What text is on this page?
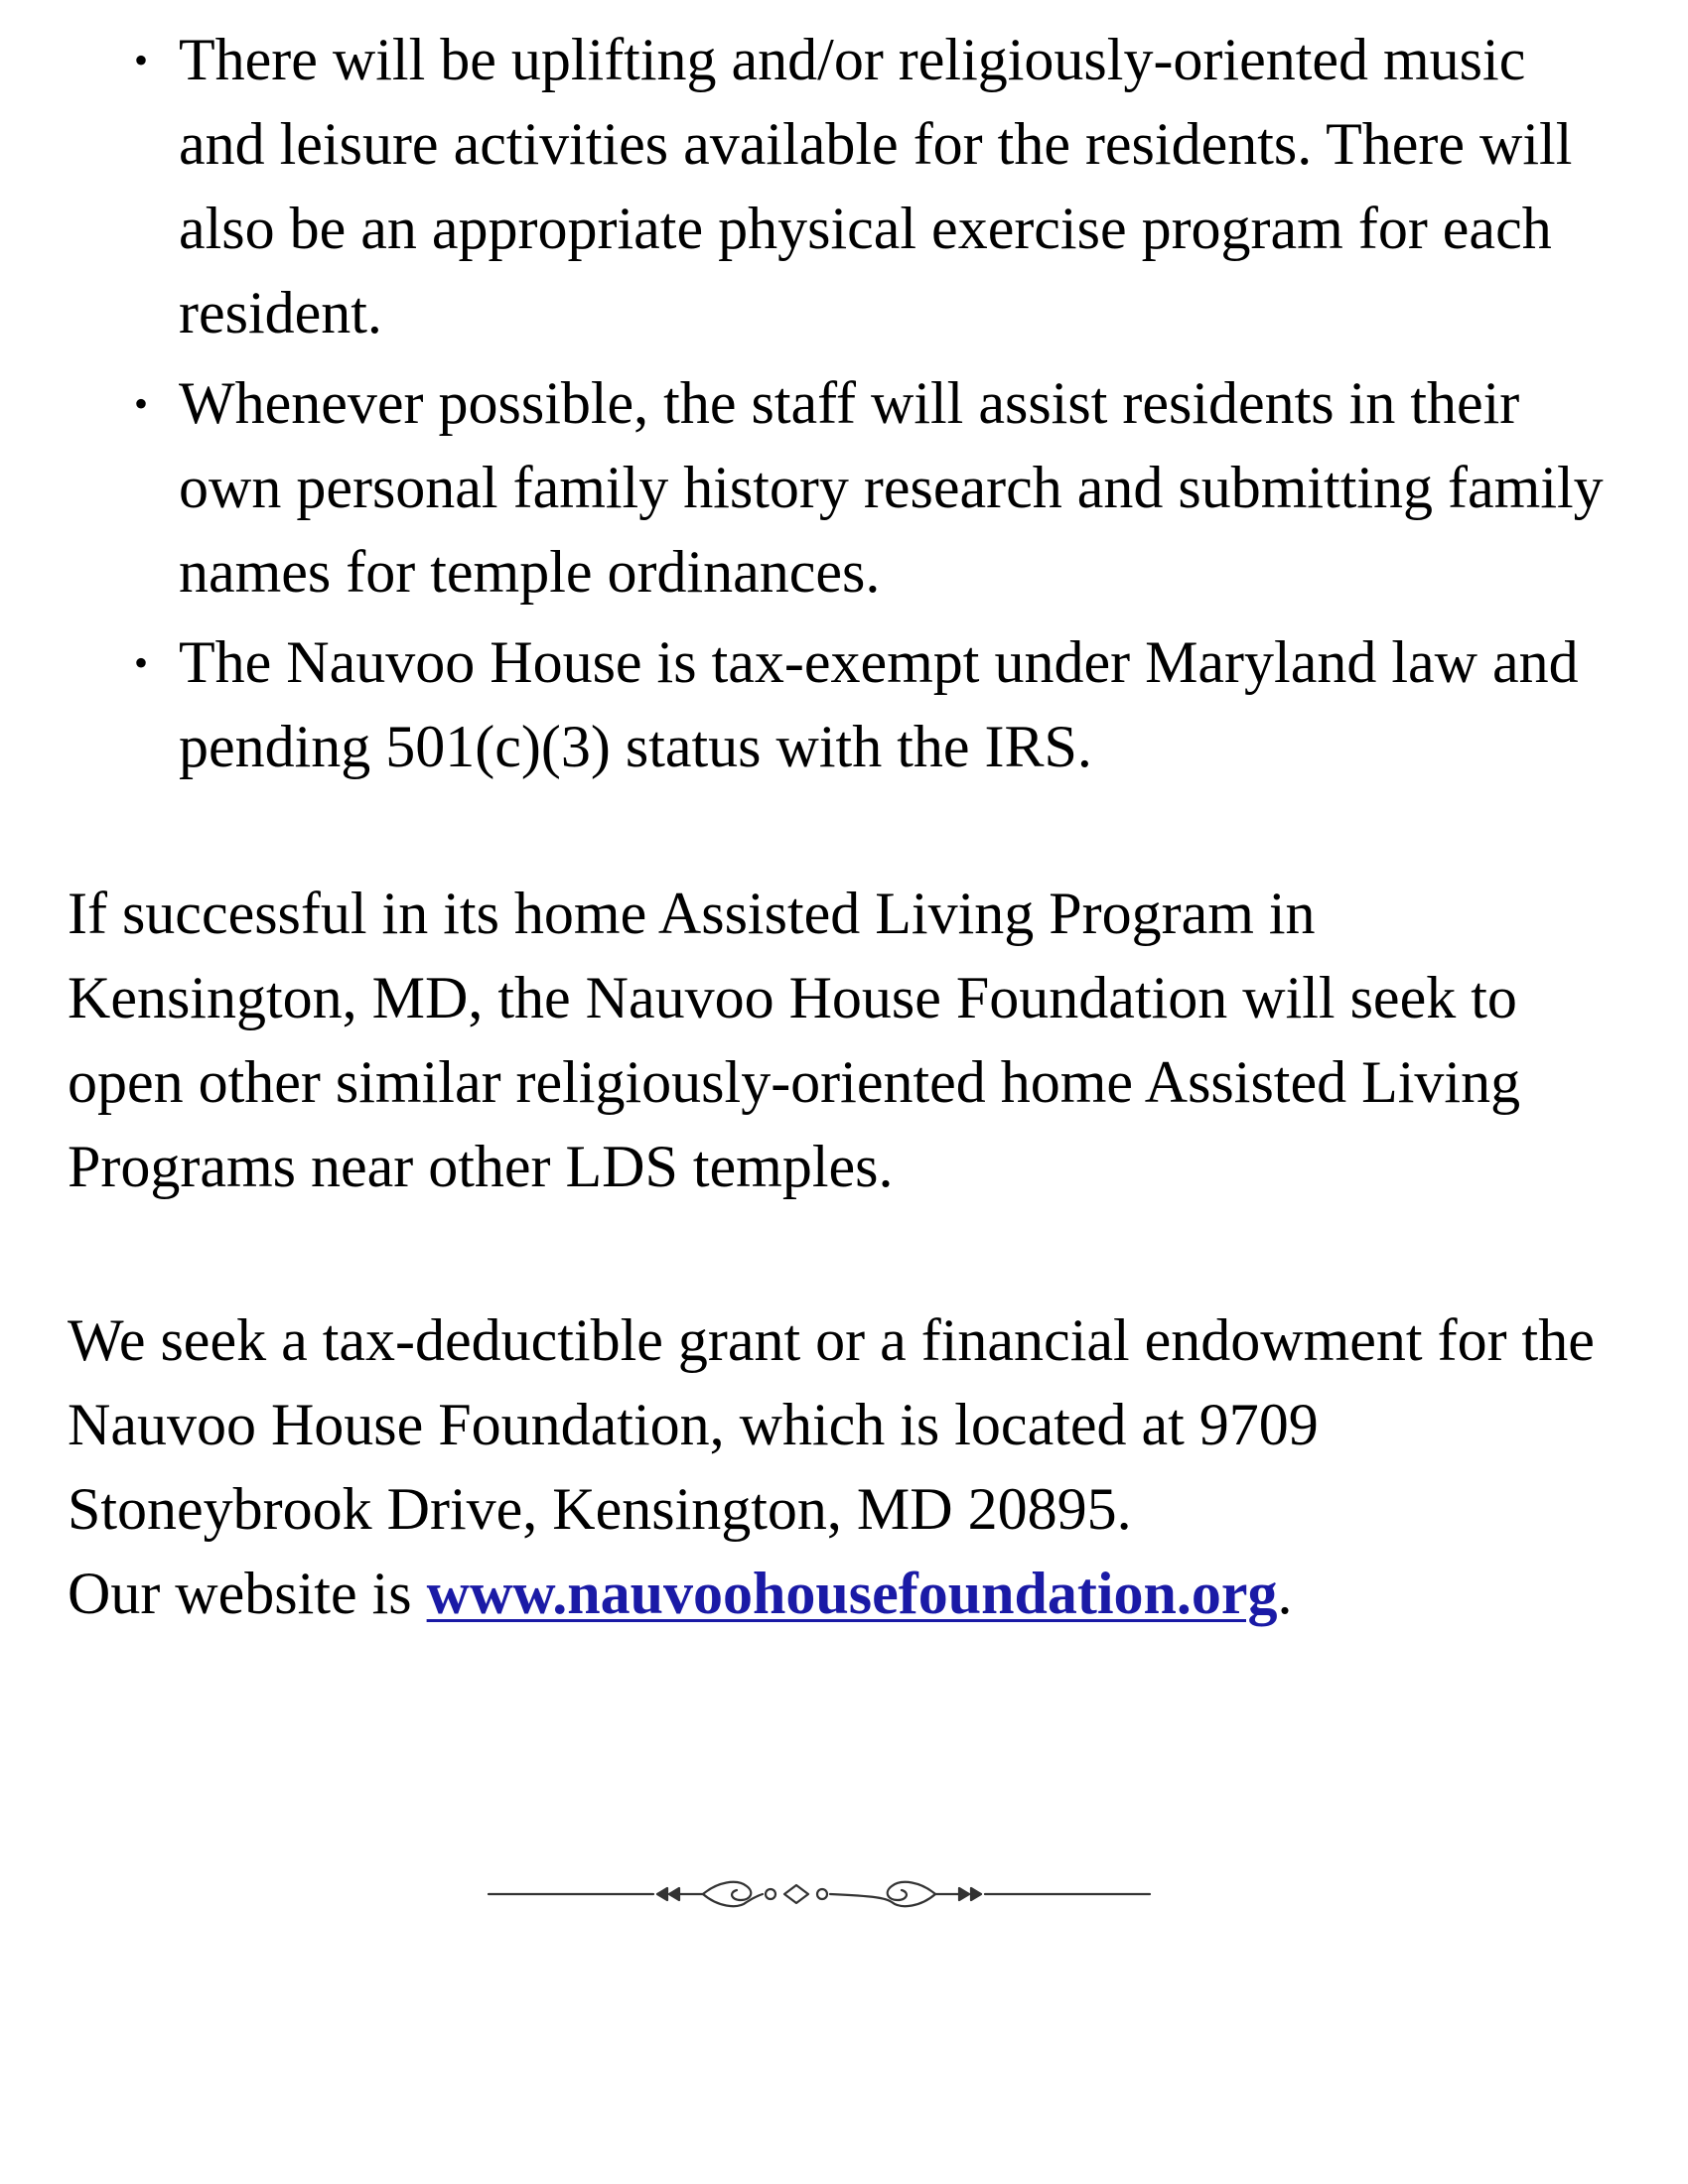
• There will be uplifting and/or religiously-oriented music and leisure activities available for the residents. There will also be an appropriate physical exercise program for each resident.
• Whenever possible, the staff will assist residents in their own personal family history research and submitting family names for temple ordinances.
• The Nauvoo House is tax-exempt under Maryland law and pending 501(c)(3) status with the IRS.

If successful in its home Assisted Living Program in Kensington, MD, the Nauvoo House Foundation will seek to open other similar religiously-oriented home Assisted Living Programs near other LDS temples.

We seek a tax-deductible grant or a financial endowment for the Nauvoo House Foundation, which is located at 9709 Stoneybrook Drive, Kensington, MD 20895.
Our website is www.nauvoohousefoundation.org.
